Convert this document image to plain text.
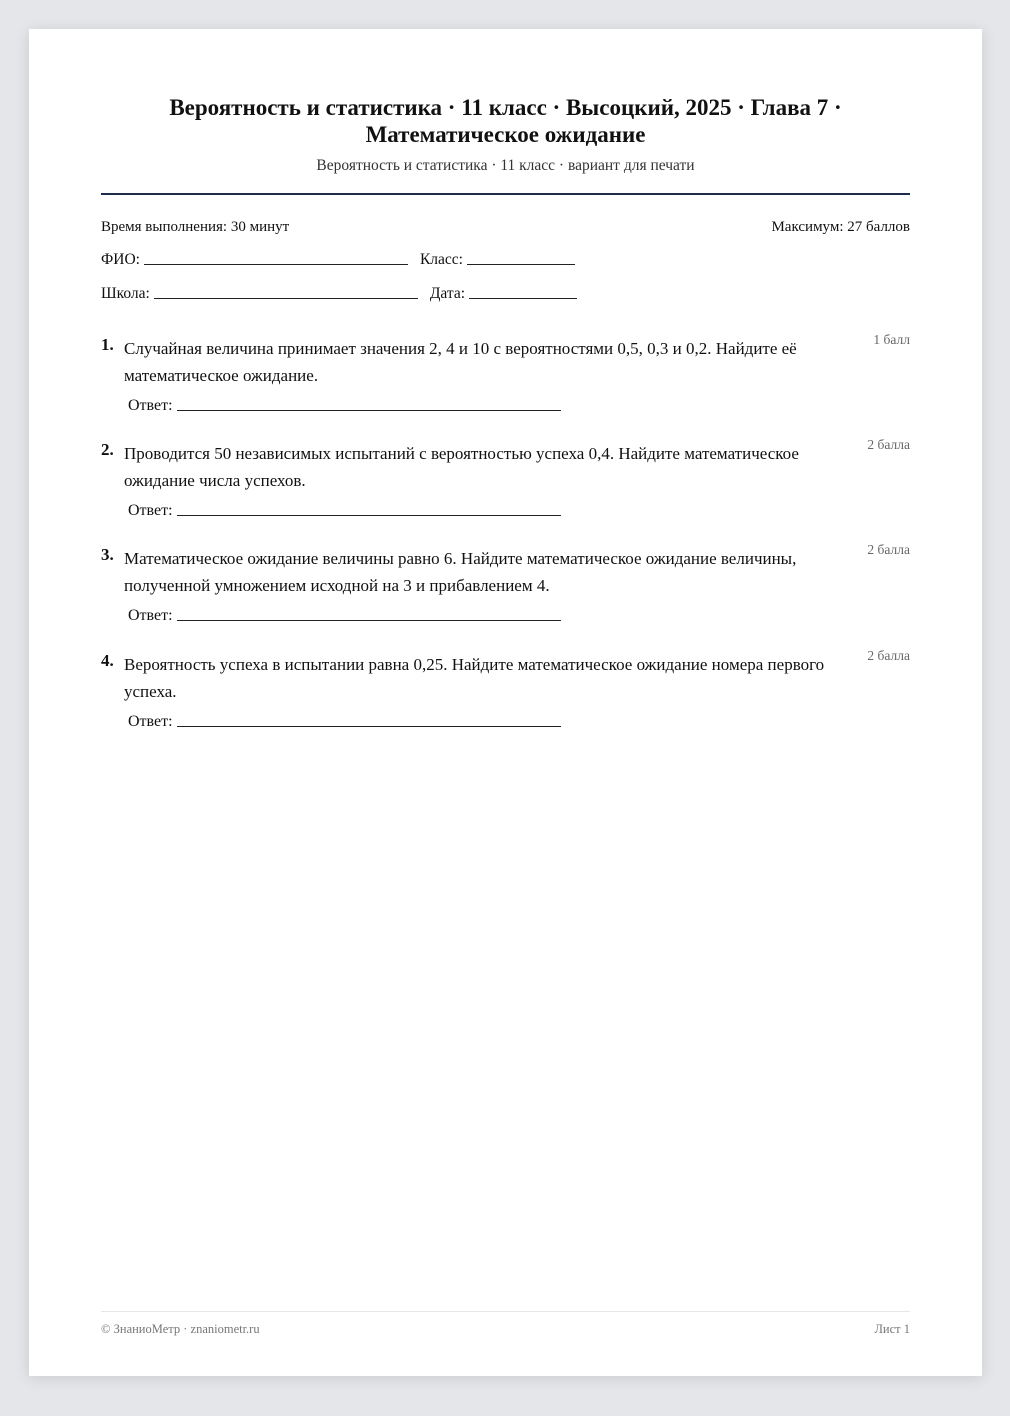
Вероятность и статистика · 11 класс · Высоцкий, 2025 · Глава 7 ·
Математическое ожидание
Вероятность и статистика · 11 класс · вариант для печати
Время выполнения: 30 минут	Максимум: 27 баллов
ФИО:	Класс:
Школа:	Дата:
1. Случайная величина принимает значения 2, 4 и 10 с вероятностями 0,5, 0,3 и 0,2. Найдите её математическое ожидание.
1 балл
Ответ:
2. Проводится 50 независимых испытаний с вероятностью успеха 0,4. Найдите математическое ожидание числа успехов.
2 балла
Ответ:
3. Математическое ожидание величины равно 6. Найдите математическое ожидание величины, полученной умножением исходной на 3 и прибавлением 4.
2 балла
Ответ:
4. Вероятность успеха в испытании равна 0,25. Найдите математическое ожидание номера первого успеха.
2 балла
Ответ:
© ЗнаниоМетр · znaniometr.ru	Лист 1
